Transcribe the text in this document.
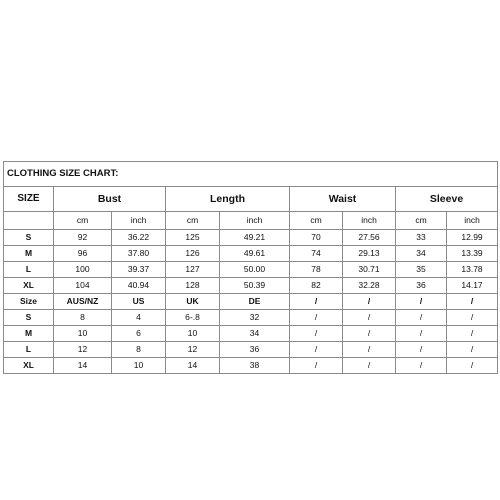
CLOTHING SIZE CHART:								
SIZE	Bust		Length		Waist		Sleeve	
	cm	inch	cm	inch	cm	inch	cm	inch
S	92	36.22	125	49.21	70	27.56	33	12.99
M	96	37.80	126	49.61	74	29.13	34	13.39
L	100	39.37	127	50.00	78	30.71	35	13.78
XL	104	40.94	128	50.39	82	32.28	36	14.17
Size	AUS/NZ	US	UK	DE	/	/	/	/
S	8	4	6-.8	32	/	/	/	/
M	10	6	10	34	/	/	/	/
L	12	8	12	36	/	/	/	/
XL	14	10	14	38	/	/	/	/
